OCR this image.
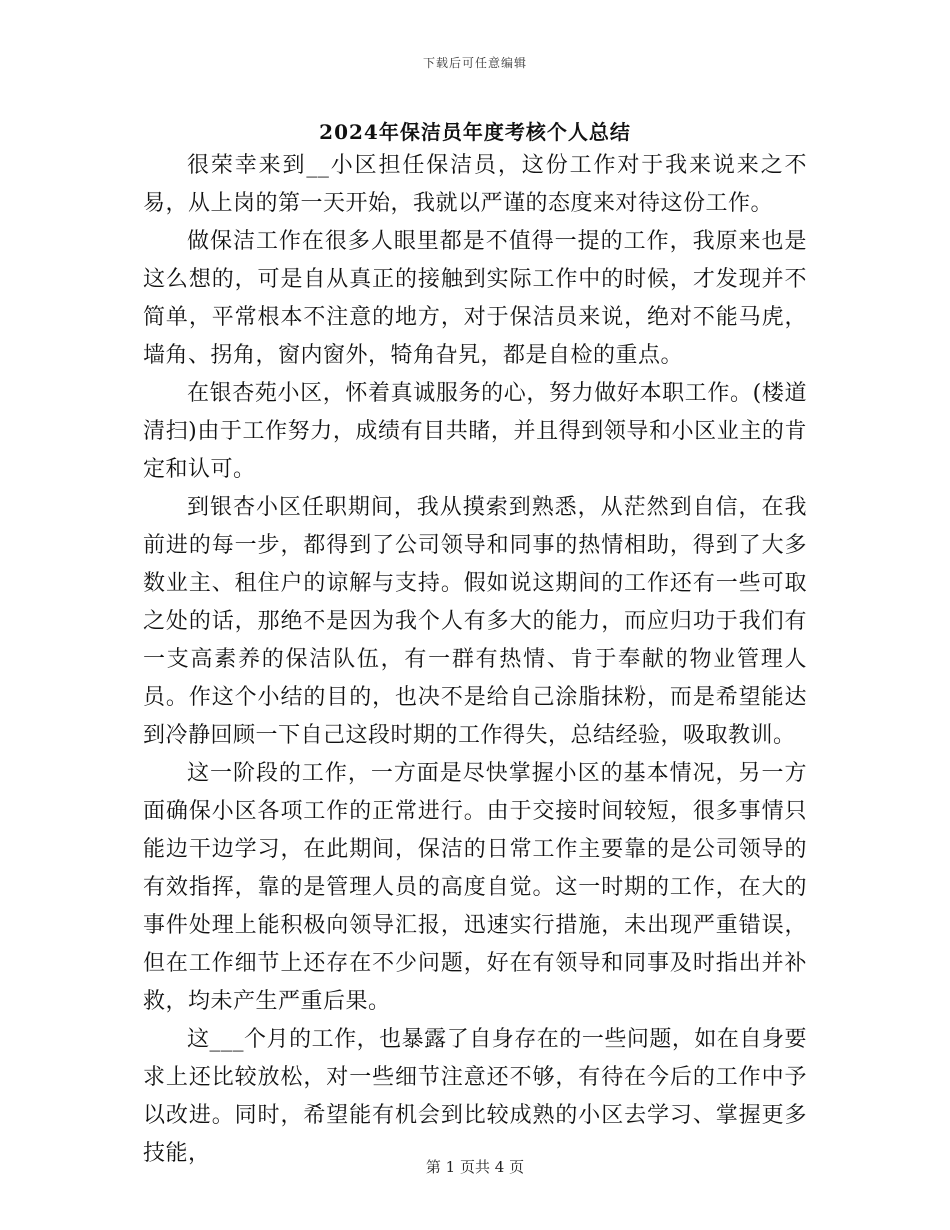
下载后可任意编辑
2024年保洁员年度考核个人总结

很荣幸来到__小区担任保洁员，这份工作对于我来说来之不易，从上岗的第一天开始，我就以严谨的态度来对待这份工作。

做保洁工作在很多人眼里都是不值得一提的工作，我原来也是这么想的，可是自从真正的接触到实际工作中的时候，才发现并不简单，平常根本不注意的地方，对于保洁员来说，绝对不能马虎，墙角、拐角，窗内窗外，犄角旮旯，都是自检的重点。

在银杏苑小区，怀着真诚服务的心，努力做好本职工作。(楼道清扫)由于工作努力，成绩有目共睹，并且得到领导和小区业主的肯定和认可。

到银杏小区任职期间，我从摸索到熟悉，从茫然到自信，在我前进的每一步，都得到了公司领导和同事的热情相助，得到了大多数业主、租住户的谅解与支持。假如说这期间的工作还有一些可取之处的话，那绝不是因为我个人有多大的能力，而应归功于我们有一支高素养的保洁队伍，有一群有热情、肯于奉献的物业管理人员。作这个小结的目的，也决不是给自己涂脂抹粉，而是希望能达到冷静回顾一下自己这段时期的工作得失，总结经验，吸取教训。

这一阶段的工作，一方面是尽快掌握小区的基本情况，另一方面确保小区各项工作的正常进行。由于交接时间较短，很多事情只能边干边学习，在此期间，保洁的日常工作主要靠的是公司领导的有效指挥，靠的是管理人员的高度自觉。这一时期的工作，在大的事件处理上能积极向领导汇报，迅速实行措施，未出现严重错误，但在工作细节上还存在不少问题，好在有领导和同事及时指出并补救，均未产生严重后果。

这___个月的工作，也暴露了自身存在的一些问题，如在自身要求上还比较放松，对一些细节注意还不够，有待在今后的工作中予以改进。同时，希望能有机会到比较成熟的小区去学习、掌握更多技能，

第 1 页共 4 页
